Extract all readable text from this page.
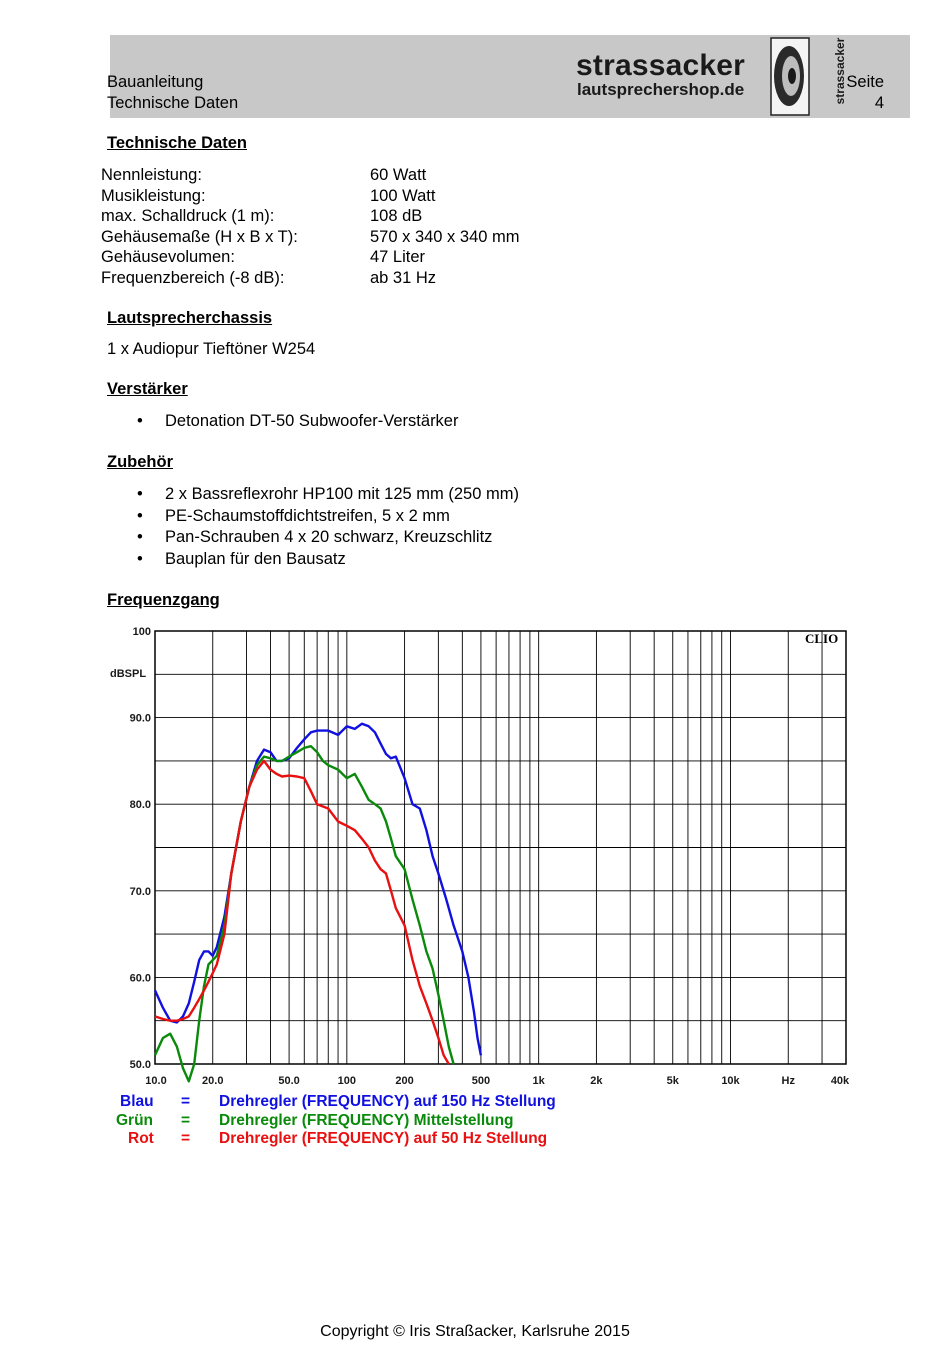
Bauanleitung
Technische Daten
strassacker
lautsprechershop.de	strassacker Seite
4
Technische Daten
Nennleistung:	60 Watt
Musikleistung:	100 Watt
max. Schalldruck (1 m):	108 dB
Gehäusemaße (H x B x T):	570 x 340 x 340 mm
Gehäusevolumen:	47 Liter
Frequenzbereich (-8 dB):	ab 31 Hz
Lautsprecherchassis
1 x Audiopur Tieftöner W254
Verstärker
• Detonation DT-50 Subwoofer-Verstärker
Zubehör
• 2 x Bassreflexrohr HP100 mit 125 mm (250 mm)
• PE-Schaumstoffdichtstreifen, 5 x 2 mm
• Pan-Schrauben 4 x 20 schwarz, Kreuzschlitz
• Bauplan für den Bausatz
Frequenzgang
100
90.0
80.0
70.0
60.0
50.0
10.0	20.0	50.0	100	200	500	1k	2k	5k	10k	Hz	40k
dBSPL
CLIO
Blau = Drehregler (FREQUENCY) auf 150 Hz Stellung
Grün = Drehregler (FREQUENCY) Mittelstellung
Rot = Drehregler (FREQUENCY) auf 50 Hz Stellung
Copyright © Iris Straßacker, Karlsruhe 2015
